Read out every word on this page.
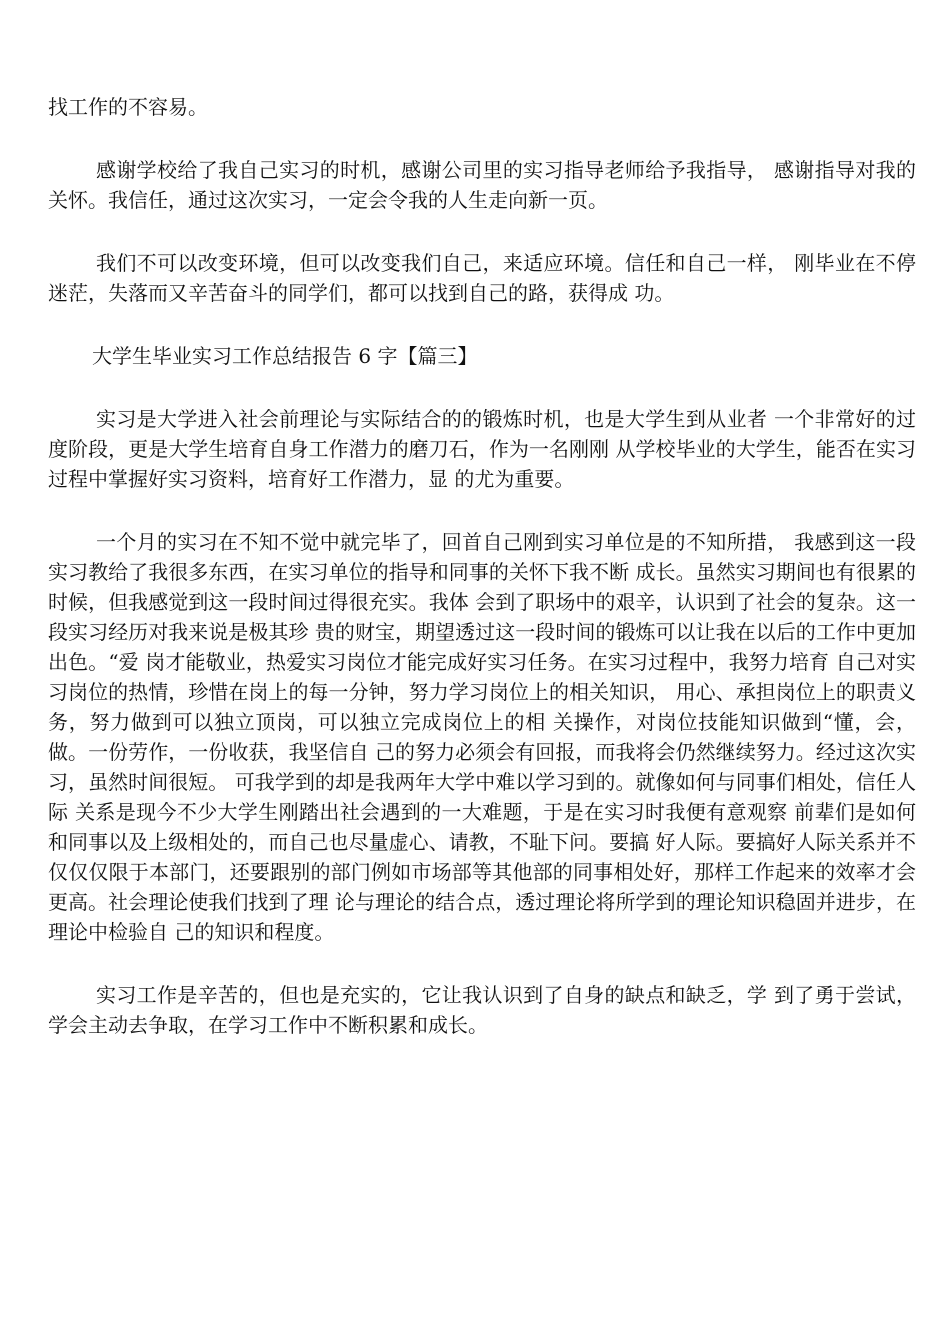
找工作的不容易。

感谢学校给了我自己实习的时机，感谢公司里的实习指导老师给予我指导， 感谢指导对我的关怀。我信任，通过这次实习，一定会令我的人生走向新一页。

我们不可以改变环境，但可以改变我们自己，来适应环境。信任和自己一样， 刚毕业在不停迷茫，失落而又辛苦奋斗的同学们，都可以找到自己的路，获得成 功。

大学生毕业实习工作总结报告 6 字【篇三】

实习是大学进入社会前理论与实际结合的的锻炼时机，也是大学生到从业者 一个非常好的过度阶段，更是大学生培育自身工作潜力的磨刀石，作为一名刚刚 从学校毕业的大学生，能否在实习过程中掌握好实习资料，培育好工作潜力，显 的尤为重要。

一个月的实习在不知不觉中就完毕了，回首自己刚到实习单位是的不知所措， 我感到这一段实习教给了我很多东西，在实习单位的指导和同事的关怀下我不断 成长。虽然实习期间也有很累的时候，但我感觉到这一段时间过得很充实。我体 会到了职场中的艰辛，认识到了社会的复杂。这一段实习经历对我来说是极其珍 贵的财宝，期望透过这一段时间的锻炼可以让我在以后的工作中更加出色。“爱 岗才能敬业，热爱实习岗位才能完成好实习任务。在实习过程中，我努力培育 自己对实习岗位的热情，珍惜在岗上的每一分钟，努力学习岗位上的相关知识， 用心、承担岗位上的职责义务，努力做到可以独立顶岗，可以独立完成岗位上的相 关操作，对岗位技能知识做到“懂，会，做。一份劳作，一份收获，我坚信自 己的努力必须会有回报，而我将会仍然继续努力。经过这次实习，虽然时间很短。 可我学到的却是我两年大学中难以学习到的。就像如何与同事们相处，信任人际 关系是现今不少大学生刚踏出社会遇到的一大难题，于是在实习时我便有意观察 前辈们是如何和同事以及上级相处的，而自己也尽量虚心、请教，不耻下问。要搞 好人际。要搞好人际关系并不仅仅仅限于本部门，还要跟别的部门例如市场部等其他部的同事相处好，那样工作起来的效率才会更高。社会理论使我们找到了理 论与理论的结合点，透过理论将所学到的理论知识稳固并进步，在理论中检验自 己的知识和程度。

实习工作是辛苦的，但也是充实的，它让我认识到了自身的缺点和缺乏，学 到了勇于尝试，学会主动去争取，在学习工作中不断积累和成长。
